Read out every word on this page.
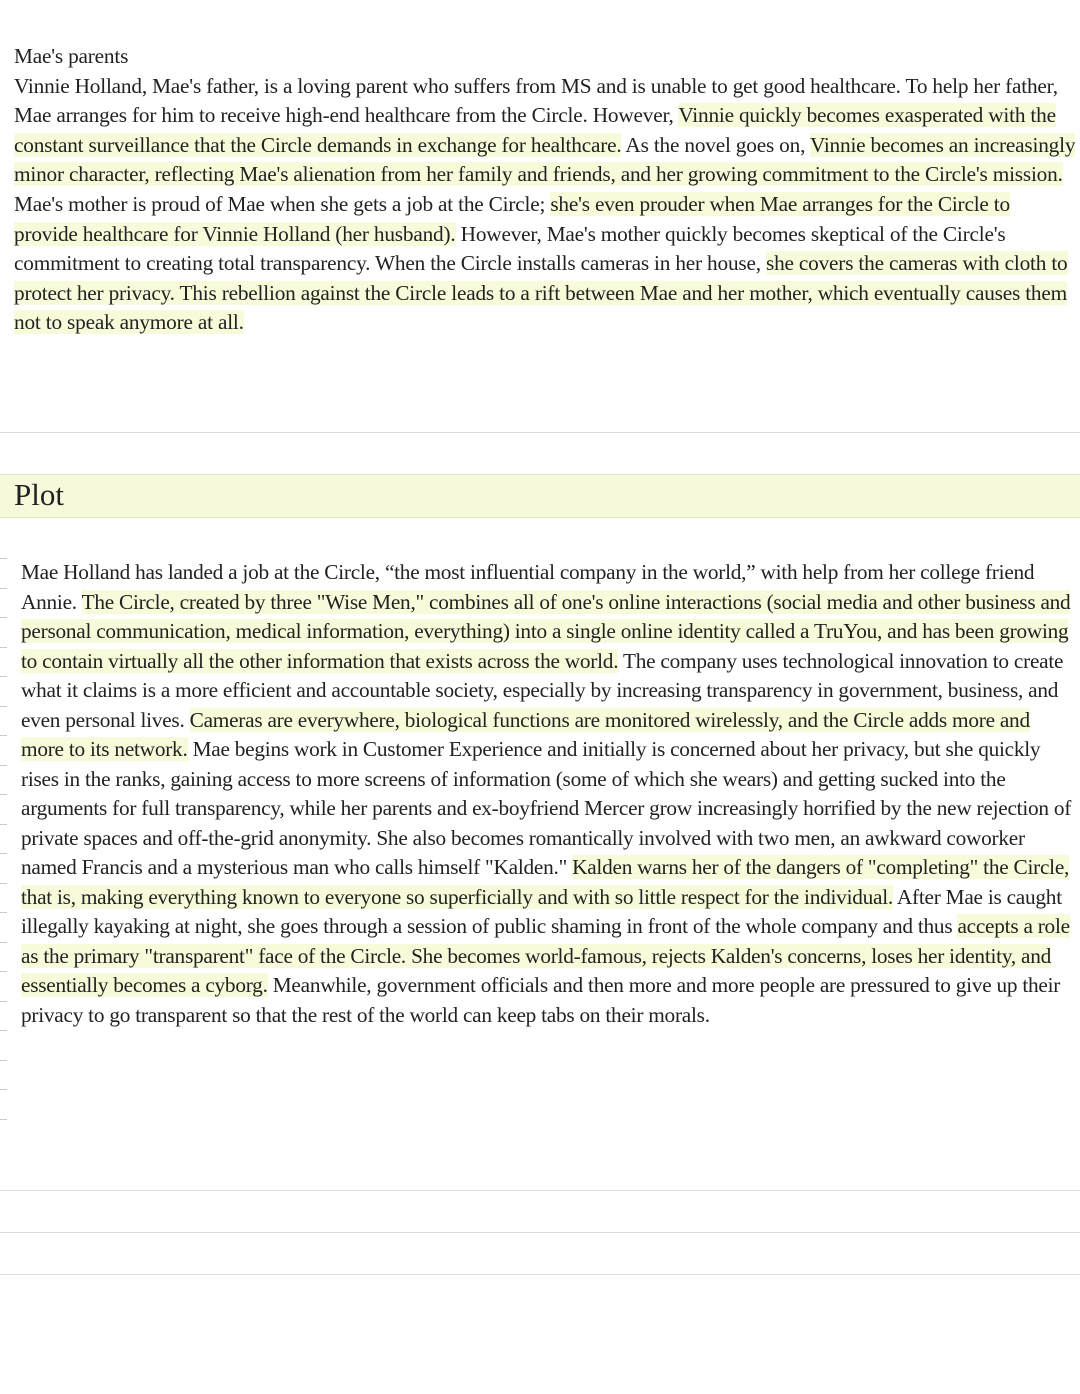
Mae's parents

Vinnie Holland, Mae's father, is a loving parent who suffers from MS and is unable to get good healthcare. To help her father, Mae arranges for him to receive high-end healthcare from the Circle. However, Vinnie quickly becomes exasperated with the constant surveillance that the Circle demands in exchange for healthcare. As the novel goes on, Vinnie becomes an increasingly minor character, reflecting Mae's alienation from her family and friends, and her growing commitment to the Circle's mission.

Mae's mother is proud of Mae when she gets a job at the Circle; she's even prouder when Mae arranges for the Circle to provide healthcare for Vinnie Holland (her husband). However, Mae's mother quickly becomes skeptical of the Circle's commitment to creating total transparency. When the Circle installs cameras in her house, she covers the cameras with cloth to protect her privacy. This rebellion against the Circle leads to a rift between Mae and her mother, which eventually causes them not to speak anymore at all.

Plot

Mae Holland has landed a job at the Circle, “the most influential company in the world,” with help from her college friend Annie. The Circle, created by three "Wise Men," combines all of one's online interactions (social media and other business and personal communication, medical information, everything) into a single online identity called a TruYou, and has been growing to contain virtually all the other information that exists across the world. The company uses technological innovation to create what it claims is a more efficient and accountable society, especially by increasing transparency in government, business, and even personal lives. Cameras are everywhere, biological functions are monitored wirelessly, and the Circle adds more and more to its network. Mae begins work in Customer Experience and initially is concerned about her privacy, but she quickly rises in the ranks, gaining access to more screens of information (some of which she wears) and getting sucked into the arguments for full transparency, while her parents and ex-boyfriend Mercer grow increasingly horrified by the new rejection of private spaces and off-the-grid anonymity. She also becomes romantically involved with two men, an awkward coworker named Francis and a mysterious man who calls himself "Kalden." Kalden warns her of the dangers of "completing" the Circle, that is, making everything known to everyone so superficially and with so little respect for the individual. After Mae is caught illegally kayaking at night, she goes through a session of public shaming in front of the whole company and thus accepts a role as the primary "transparent" face of the Circle. She becomes world-famous, rejects Kalden's concerns, loses her identity, and essentially becomes a cyborg. Meanwhile, government officials and then more and more people are pressured to give up their privacy to go transparent so that the rest of the world can keep tabs on their morals.
